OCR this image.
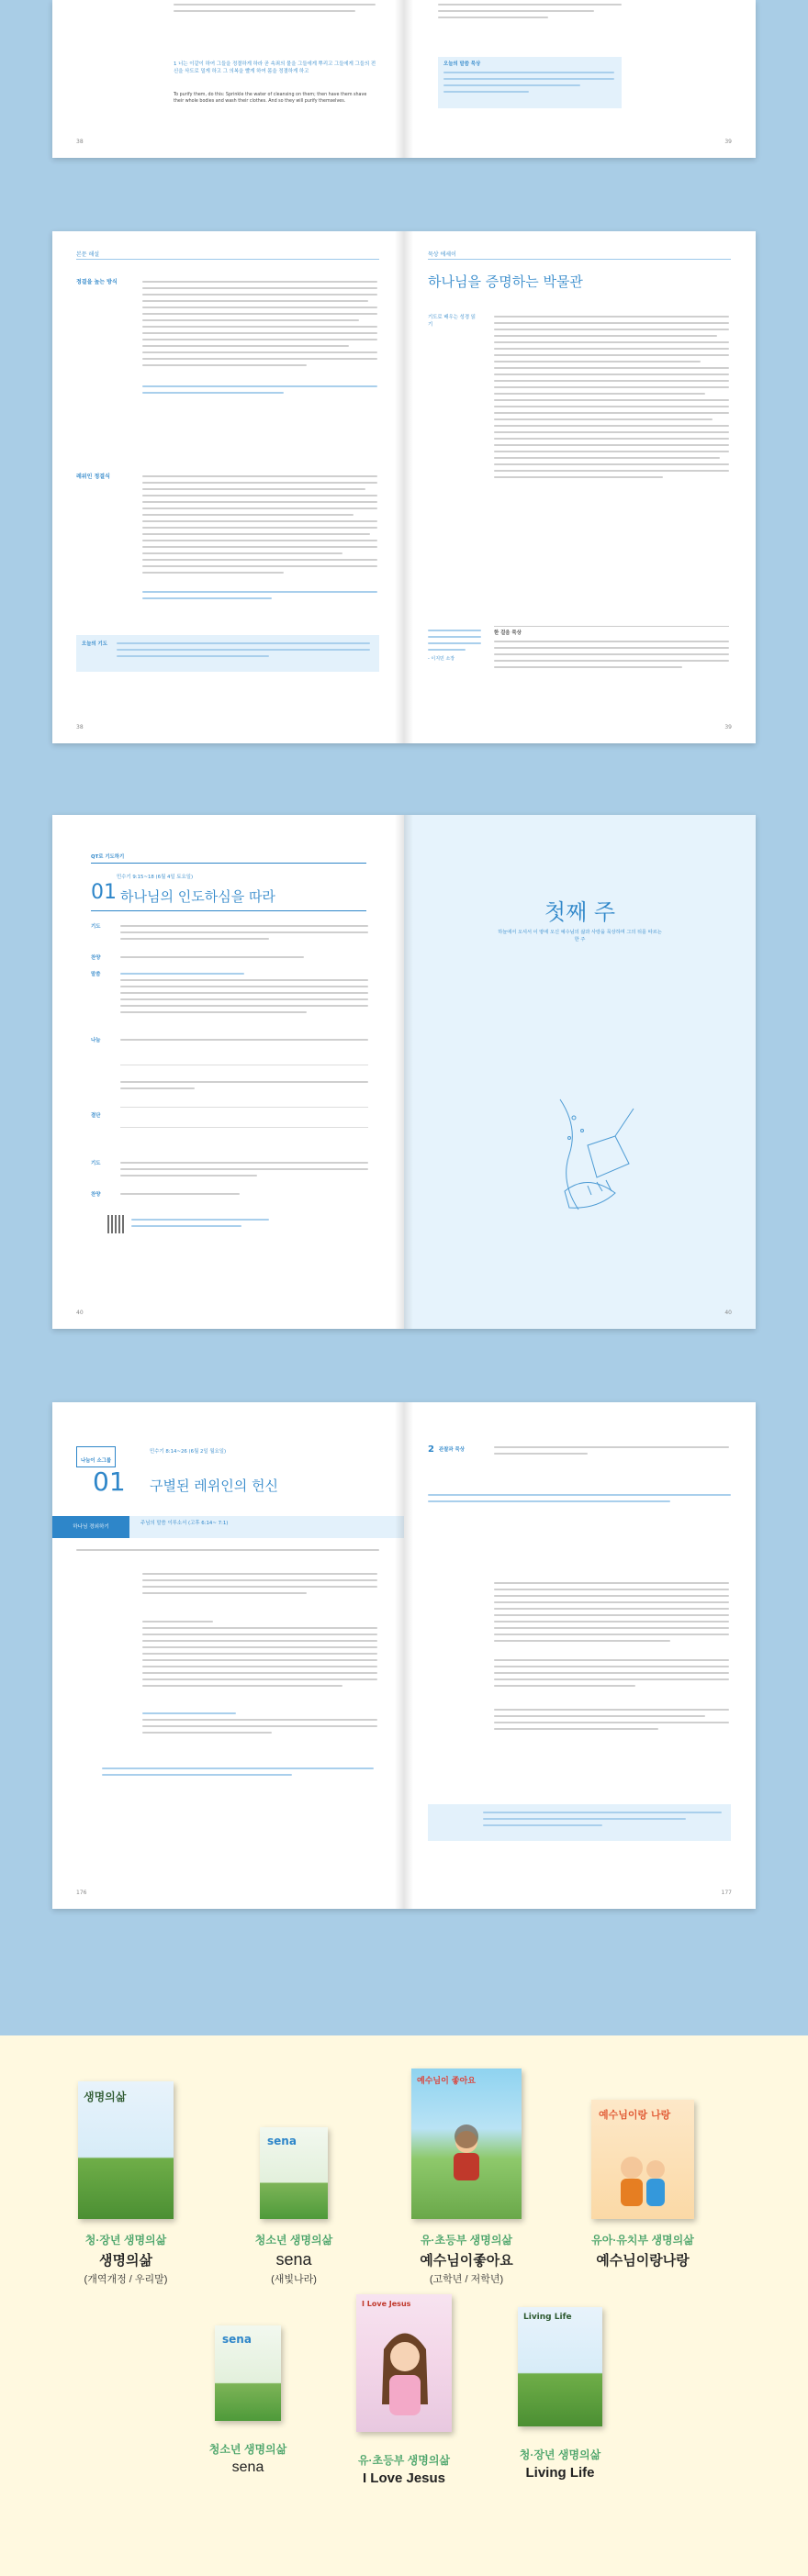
1 너는 이같이 하여 그들을 정결하게 하라 곧 속죄의 물을 그들에게 뿌리고 그들에게 그들의 전신을 삭도로 밀게 하고 그 의복을 빨게 하여 몸을 정결하게 하고
To purify them, do this: Sprinkle the water of cleansing on them; then have them shave their whole bodies and wash their clothes. And so they will purify themselves.
38
오늘의 말씀 묵상
39
본문 해설
정결을 높는 방식
레위인 정결식
오늘의 기도
38
묵상 에세이
하나님을 증명하는 박물관
기도로 배우는 성경 읽기
- 이지민 소장
한 걸음 묵상
39
QT로 기도하기
민수기 9:15~18 (6월 4일 토요일)
01 하나님의 인도하심을 따라
기도
찬양
말씀
나눔
결단
기도
찬양
40
첫째 주
하늘에서 오셔서 이 땅에 오신 예수님의 삶과 사랑을 묵상하며 그의 뒤를 따르는 한 주
40
나눔이 소그룹
민수기 8:14~26 (6월 2일 월요일)
01 구별된 레위인의 헌신
하나님 경외하기
주님의 말씀 이루소서 (고후 6:14~ 7:1)
176
2 관찰과 묵상
177
생명의삶
청·장년 생명의삶
생명의삶
(개역개정 / 우리말)
sena
청소년 생명의삶
sena
(새빛나라)
예수님이 좋아요
유·초등부 생명의삶
예수님이좋아요
(고학년 / 저학년)
예수님이랑 나랑
유아·유치부 생명의삶
예수님이랑나랑
sena
청소년 생명의삶
sena
I Love Jesus
유·초등부 생명의삶
I Love Jesus
Living Life
청·장년 생명의삶
Living Life
